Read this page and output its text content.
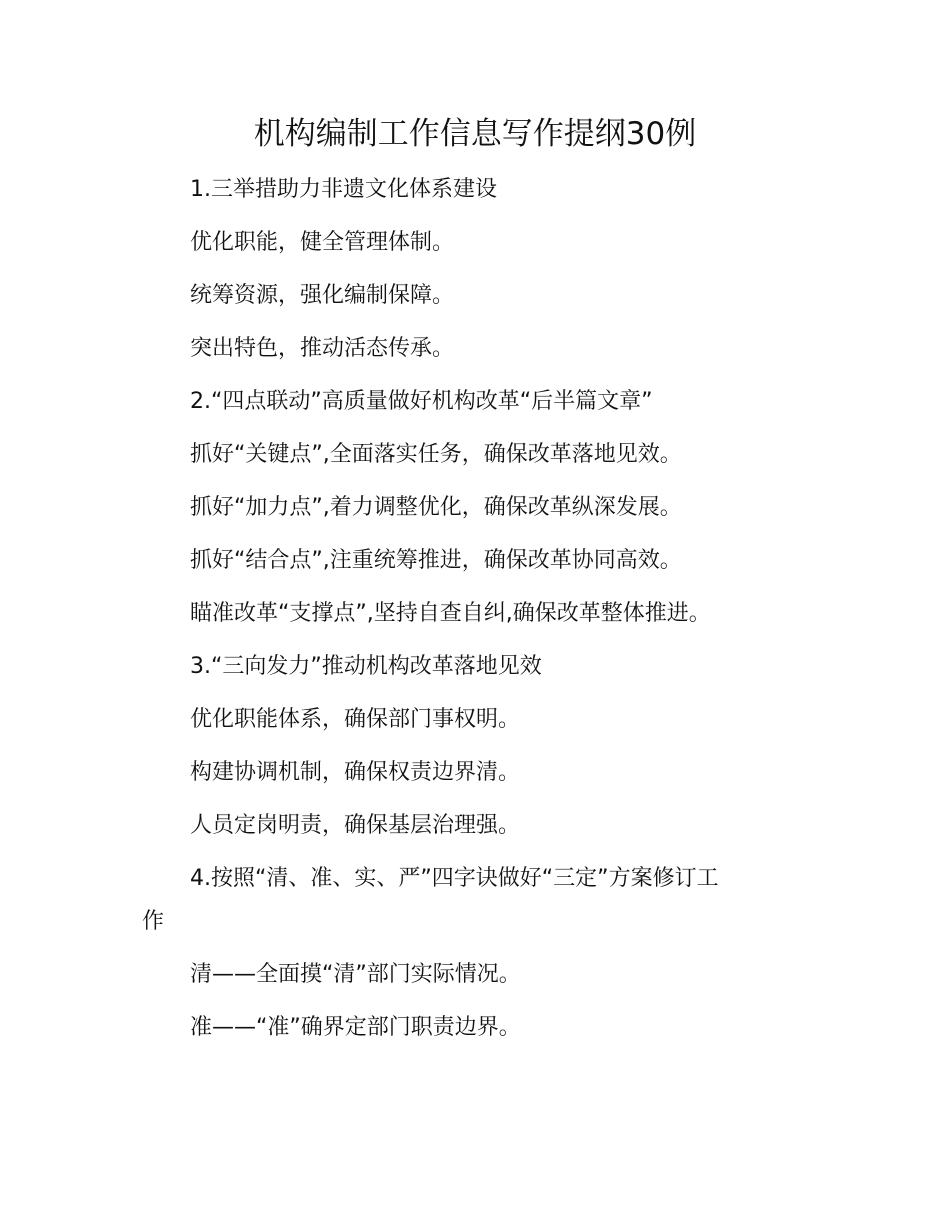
机构编制工作信息写作提纲30例
1.三举措助力非遗文化体系建设
优化职能，健全管理体制。
统筹资源，强化编制保障。
突出特色，推动活态传承。
2.“四点联动”高质量做好机构改革“后半篇文章”
抓好“关键点”,全面落实任务，确保改革落地见效。
抓好“加力点”,着力调整优化，确保改革纵深发展。
抓好“结合点”,注重统筹推进，确保改革协同高效。
瞄准改革“支撑点”,坚持自查自纠,确保改革整体推进。
3.“三向发力”推动机构改革落地见效
优化职能体系，确保部门事权明。
构建协调机制，确保权责边界清。
人员定岗明责，确保基层治理强。
4.按照“清、准、实、严”四字诀做好“三定”方案修订工
作
清——全面摸“清”部门实际情况。
准——“准”确界定部门职责边界。
